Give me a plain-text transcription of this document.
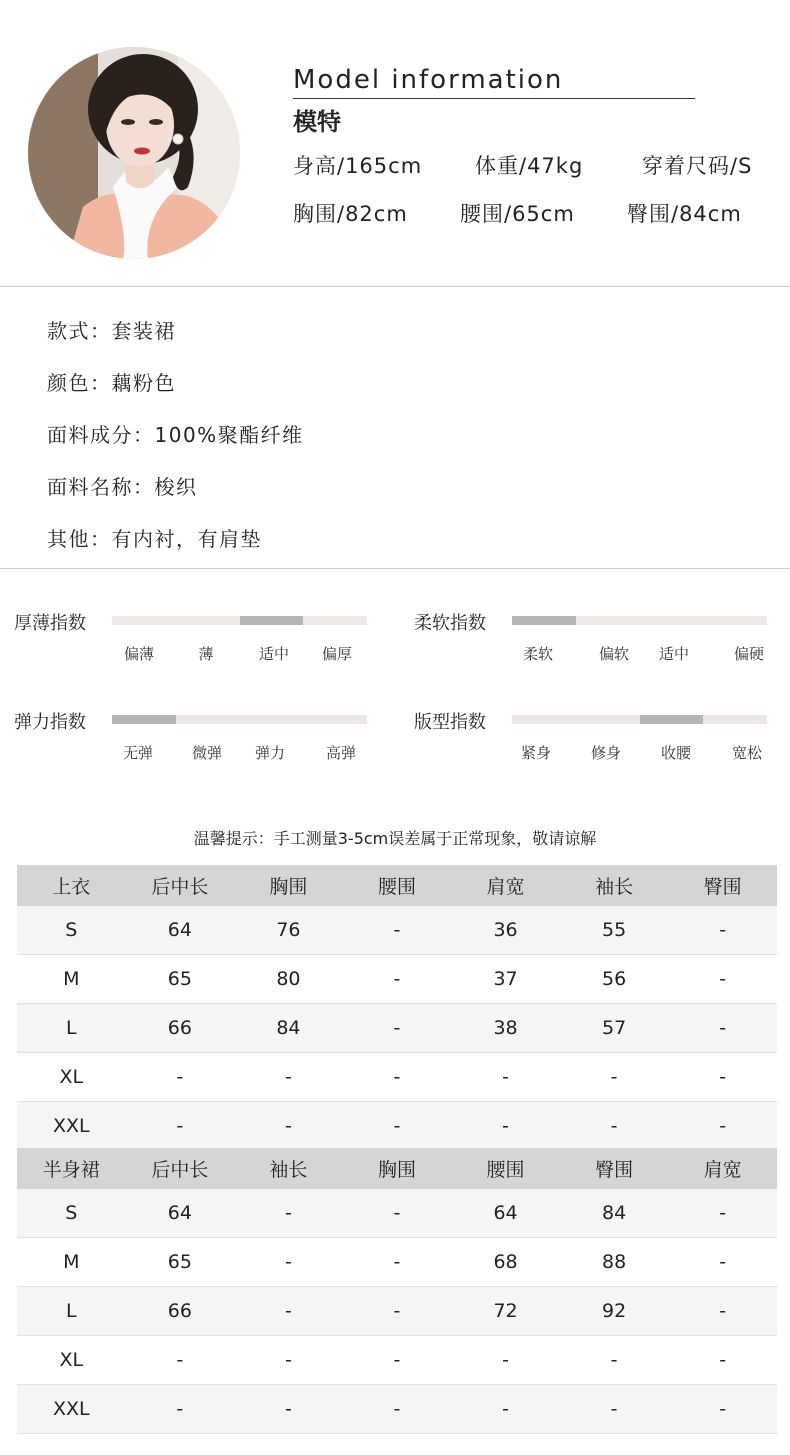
Model information
模特
身高/165cm	体重/47kg	穿着尺码/S
胸围/82cm 腰围/65cm 臀围/84cm
款式：套装裙
颜色：藕粉色
面料成分：100%聚酯纤维
面料名称：梭织
其他：有内衬，有肩垫
厚薄指数
偏薄	薄	适中	偏厚
柔软指数
柔软	偏软	适中	偏硬
弹力指数
无弹	微弹	弹力	高弹
版型指数
紧身	修身	收腰	宽松
温馨提示：手工测量3-5cm误差属于正常现象，敬请谅解
上衣	后中长	胸围	腰围	肩宽	袖长	臀围
S	64	76	-	36	55	-
M	65	80	-	37	56	-
L	66	84	-	38	57	-
XL	-	-	-	-	-	-
XXL	-	-	-	-	-	-
半身裙	后中长	袖长	胸围	腰围	臀围	肩宽
S	64	-	-	64	84	-
M	65	-	-	68	88	-
L	66	-	-	72	92	-
XL	-	-	-	-	-	-
XXL	-	-	-	-	-	-
